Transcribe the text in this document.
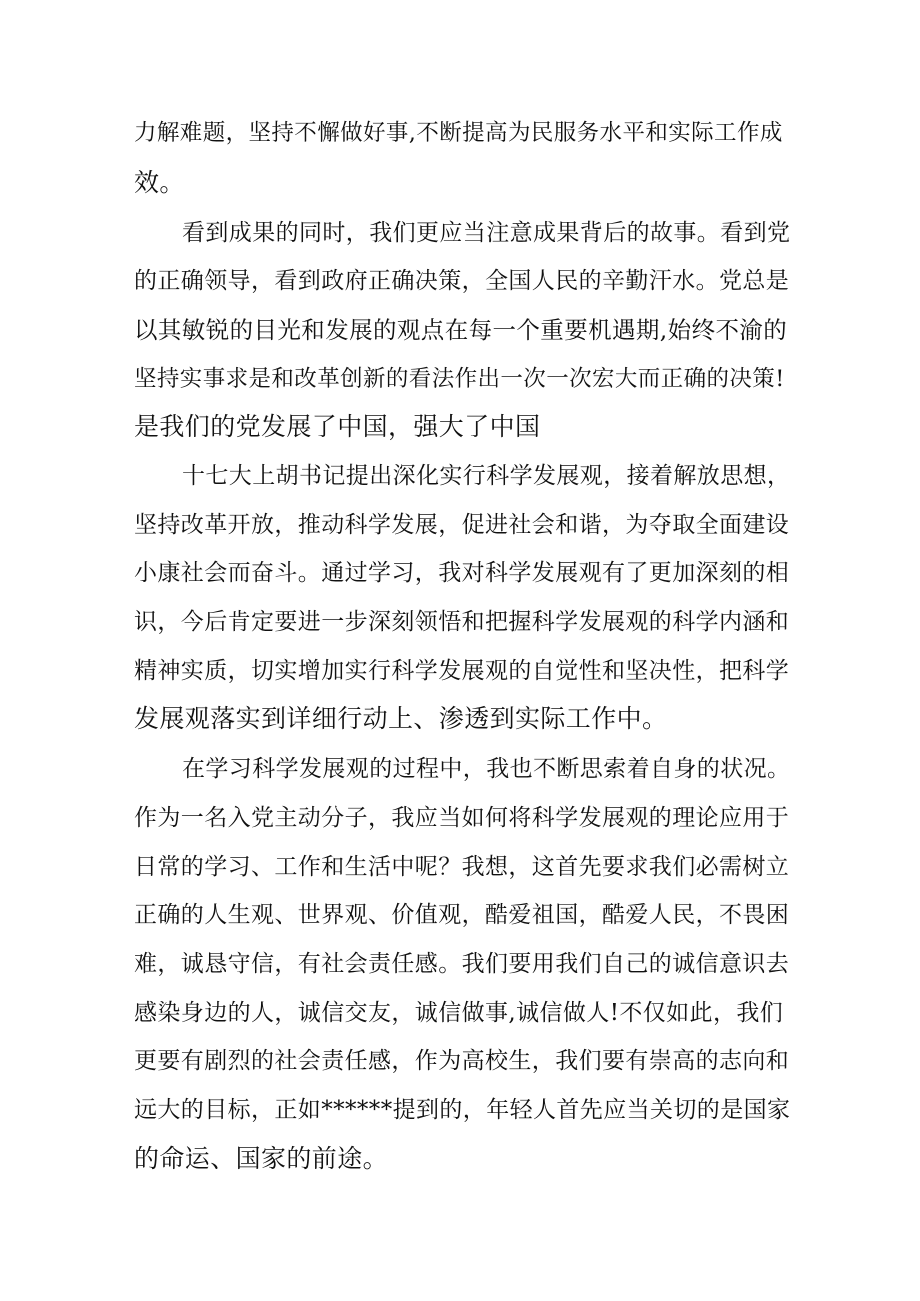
力解难题，坚持不懈做好事,不断提高为民服务水平和实际工作成
效。
看到成果的同时，我们更应当注意成果背后的故事。看到党
的正确领导，看到政府正确决策，全国人民的辛勤汗水。党总是
以其敏锐的目光和发展的观点在每一个重要机遇期,始终不渝的
坚持实事求是和改革创新的看法作出一次一次宏大而正确的决策!
是我们的党发展了中国，强大了中国
十七大上胡书记提出深化实行科学发展观，接着解放思想，
坚持改革开放，推动科学发展，促进社会和谐，为夺取全面建设
小康社会而奋斗。通过学习，我对科学发展观有了更加深刻的相
识，今后肯定要进一步深刻领悟和把握科学发展观的科学内涵和
精神实质，切实增加实行科学发展观的自觉性和坚决性，把科学
发展观落实到详细行动上、渗透到实际工作中。
在学习科学发展观的过程中，我也不断思索着自身的状况。
作为一名入党主动分子，我应当如何将科学发展观的理论应用于
日常的学习、工作和生活中呢？我想，这首先要求我们必需树立
正确的人生观、世界观、价值观，酷爱祖国，酷爱人民，不畏困
难，诚恳守信，有社会责任感。我们要用我们自己的诚信意识去
感染身边的人，诚信交友，诚信做事,诚信做人!不仅如此，我们
更要有剧烈的社会责任感，作为高校生，我们要有崇高的志向和
远大的目标，正如******提到的，年轻人首先应当关切的是国家
的命运、国家的前途。
